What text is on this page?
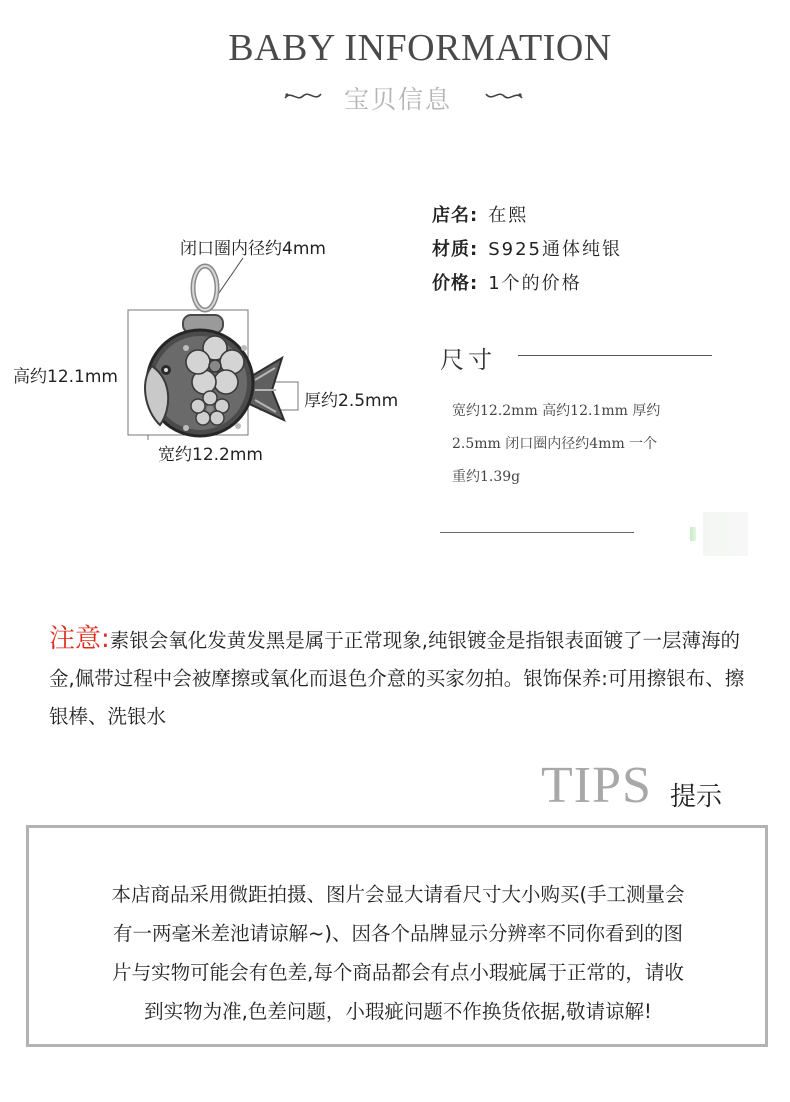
BABY INFORMATION
宝贝信息
闭口圈内径约4mm
高约12.1mm
厚约2.5mm
宽约12.2mm
店名: 在熙
材质: S925通体纯银
价格: 1个的价格
尺寸
宽约12.2mm 高约12.1mm 厚约
2.5mm 闭口圈内径约4mm 一个
重约1.39g
注意:素银会氧化发黄发黑是属于正常现象,纯银镀金是指银表面镀了一层薄海的金,佩带过程中会被摩擦或氧化而退色介意的买家勿拍。银饰保养:可用擦银布、擦银棒、洗银水
TIPS 提示
本店商品采用微距拍摄、图片会显大请看尺寸大小购买(手工测量会
有一两毫米差池请谅解~)、因各个品牌显示分辨率不同你看到的图
片与实物可能会有色差,每个商品都会有点小瑕疵属于正常的，请收
到实物为准,色差问题，小瑕疵问题不作换货依据,敬请谅解!
